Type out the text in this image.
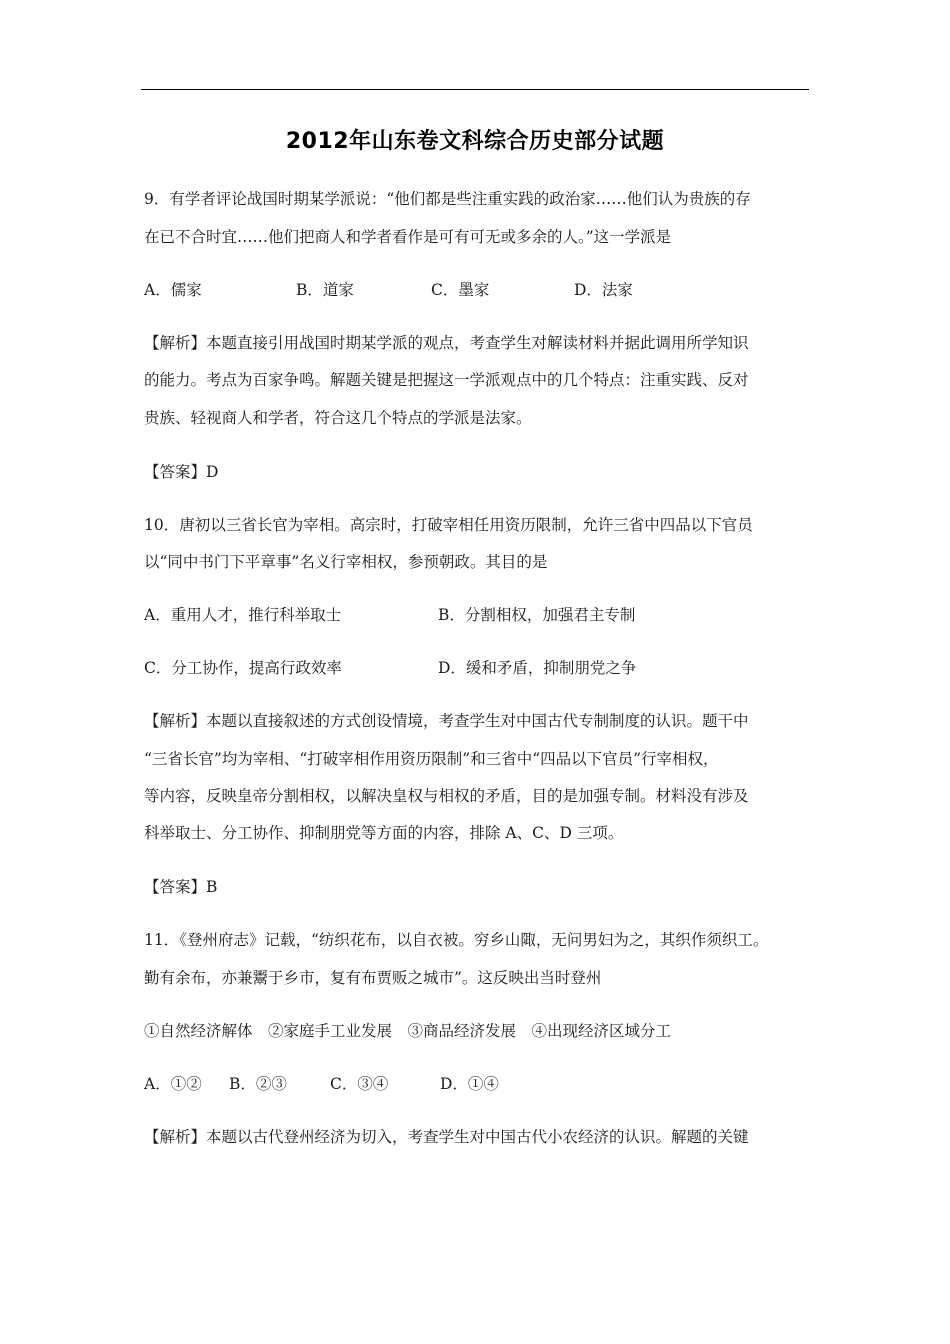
2012年山东卷文科综合历史部分试题
9．有学者评论战国时期某学派说：“他们都是些注重实践的政治家……他们认为贵族的存
在已不合时宜……他们把商人和学者看作是可有可无或多余的人。”这一学派是
A．儒家	B．道家	C．墨家	D．法家
【解析】本题直接引用战国时期某学派的观点，考查学生对解读材料并据此调用所学知识
的能力。考点为百家争鸣。解题关键是把握这一学派观点中的几个特点：注重实践、反对
贵族、轻视商人和学者，符合这几个特点的学派是法家。
【答案】D
10．唐初以三省长官为宰相。高宗时，打破宰相任用资历限制，允许三省中四品以下官员
以“同中书门下平章事”名义行宰相权，参预朝政。其目的是
A．重用人才，推行科举取士	B．分割相权，加强君主专制
C．分工协作，提高行政效率	D．缓和矛盾，抑制朋党之争
【解析】本题以直接叙述的方式创设情境，考查学生对中国古代专制制度的认识。题干中
“三省长官”均为宰相、“打破宰相作用资历限制”和三省中“四品以下官员”行宰相权，
等内容，反映皇帝分割相权，以解决皇权与相权的矛盾，目的是加强专制。材料没有涉及
科举取士、分工协作、抑制朋党等方面的内容，排除 A、C、D 三项。
【答案】B
11．《登州府志》记载，“纺织花布，以自衣被。穷乡山陬，无问男妇为之，其织作须织工。
勤有余布，亦兼鬻于乡市，复有布贾贩之城市”。这反映出当时登州
①自然经济解体　②家庭手工业发展　③商品经济发展　④出现经济区域分工
A．①② B．②③	C．③④	D．①④
【解析】本题以古代登州经济为切入，考查学生对中国古代小农经济的认识。解题的关键
